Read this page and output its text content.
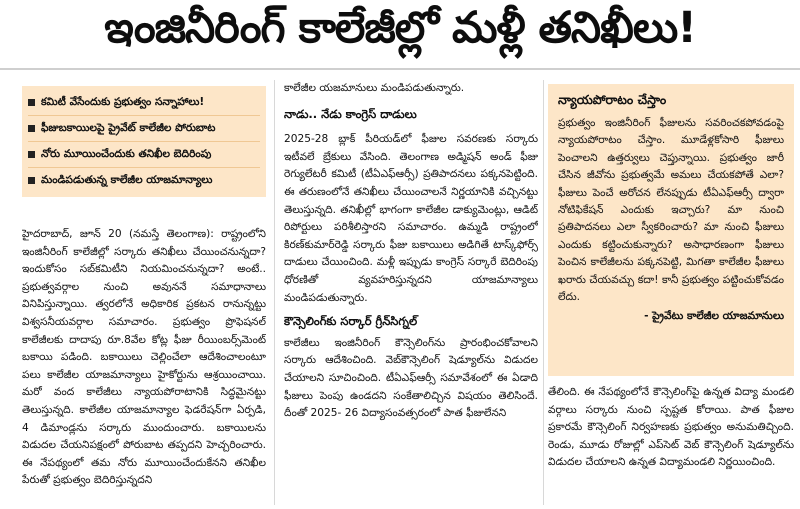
ఇంజినీరింగ్ కాలేజీల్లో మళ్లీ తనిఖీలు!
కమిటీ వేసేందుకు ప్రభుత్వం సన్నాహాలు!
ఫీజుబకాయిలపై ప్రైవేట్ కాలేజీల పోరుబాట
నోరు మూయించేందుకు తనిఖీల బెదిరింపు
మండిపడుతున్న కాలేజీల యాజమాన్యాలు

హైదరాబాద్, జూన్ 20 (నమస్తే తెలంగాణ): రాష్ట్రంలోని ఇంజినీరింగ్ కాలేజీల్లో సర్కారు తనిఖీలు చేయించనున్నదా? ఇందుకోసం సబ్‌కమిటీని నియమించనున్నదా? అంటే.. ప్రభుత్వవర్గాల నుంచి అవుననే సమాధానాలు వినిపిస్తున్నాయి. త్వరలోనే అధికారిక ప్రకటన రానున్నట్టు విశ్వసనీయవర్గాల సమాచారం. ప్రభుత్వం ప్రొఫెషనల్ కాలేజీలకు దాదాపు రూ.8వేల కోట్ల ఫీజు రీయింబర్స్‌మెంట్ బకాయి పడింది. బకాయిలు చెల్లించేలా ఆదేశించాలంటూ పలు కాలేజీల యాజమాన్యాలు హైకోర్టును ఆశ్రయించాయి. మరో వంద కాలేజీలు న్యాయపోరాటానికి సిద్ధమైనట్టు తెలుస్తున్నది. కాలేజీల యాజమాన్యాల ఫెడరేషన్‌గా ఏర్పడి, 4 డిమాండ్లను సర్కారు ముందుంచారు. బకాయిలను విడుదల చేయనిపక్షంలో పోరుబాట తప్పదని హెచ్చరించారు. ఈ నేపథ్యంలో తమ నోరు మూయించేందుకేనని తనిఖీల పేరుతో ప్రభుత్వం బెదిరిస్తున్నదని

కాలేజీల యజమానులు మండిపడుతున్నారు.

నాడు.. నేడు కాంగ్రెస్ దాడులు

2025-28 బ్లాక్ పీరియడ్‌లో ఫీజుల సవరణకు సర్కారు ఇటీవలే బ్రేకులు వేసింది. తెలంగాణ అడ్మిషన్ అండ్ ఫీజు రెగ్యులేటరీ కమిటీ (టీఏఎఫ్ఆర్సీ) ప్రతిపాదనలు పక్కనపెట్టింది. ఈ తరుణంలోనే తనిఖీలు చేయించాలనే నిర్ణయానికి వచ్చినట్టు తెలుస్తున్నది. తనిఖీల్లో భాగంగా కాలేజీల డాక్యుమెంట్లు, ఆడిట్ రిపోర్టులు పరిశీలిస్తారని సమాచారం. ఉమ్మడి రాష్ట్రంలో కిరణ్‌కుమార్‌రెడ్డి సర్కారు ఫీజు బకాయిలు అడిగితే టాస్క్‌ఫోర్స్ దాడులు చేయించింది. మళ్లీ ఇప్పుడు కాంగ్రెస్ సర్కారే బెదిరింపు ధోరణితో వ్యవహరిస్తున్నదని యాజమాన్యాలు మండిపడుతున్నారు.

కౌన్సెలింగ్‌కు సర్కార్ గ్రీన్‌సిగ్నల్

కాలేజీలు ఇంజినీరింగ్ కౌన్సెలింగ్‌ను ప్రారంభించకోవాలని సర్కారు ఆదేశించింది. వెబ్‌కౌన్సెలింగ్ షెడ్యూల్‌ను విడుదల చేయాలని సూచించింది. టీఏఎఫ్ఆర్సీ సమావేశంలో ఈ ఏడాది ఫీజులు పెంపు ఉండదని సంకేతాలిచ్చిన విషయం తెలిసిందే. దీంతో 2025- 26 విద్యాసంవత్సరంలో పాత ఫీజులేనని

న్యాయపోరాటం చేస్తాం
ప్రభుత్వం ఇంజినీరింగ్ ఫీజులను సవరించకపోవడంపై న్యాయపోరాటం చేస్తాం. మూడేళ్లకోసారి ఫీజులు పెంచాలని ఉత్తర్వులు చెప్తున్నాయి. ప్రభుత్వం జారీ చేసిన జీవోను ప్రభుత్వమే అమలు చేయకపోతే ఎలా? ఫీజులు పెంచే అరోచన లేనప్పుడు టీఏఎఫ్ఆర్సీ ద్వారా నోటిఫికేషన్ ఎందుకు ఇచ్చారు? మా నుంచి ప్రతిపాదనలు ఎలా స్వీకరించారు? మా నుంచి ఫీజులు ఎందుకు కట్టించుకున్నారు? అసాధారణంగా ఫీజులు పెంచిన కాలేజీలను పక్కనపెట్టి, మిగతా కాలేజీల ఫీజులు ఖరారు చేయవచ్చు కదా! కానీ ప్రభుత్వం పట్టించుకోవడం లేదు.
- ప్రైవేటు కాలేజీల యాజమానులు

తేలింది. ఈ నేపథ్యంలోనే కౌన్సెలింగ్‌పై ఉన్నత విద్యా మండలి వర్గాలు సర్కారు నుంచి స్పష్టత కోరాయి. పాత ఫీజుల ప్రకారమే కౌన్సెలింగ్ నిర్వహణకు ప్రభుత్వం అనుమతిచ్చింది. రెండు, మూడు రోజుల్లో ఎప్‌సెట్ వెబ్ కౌన్సెలింగ్ షెడ్యూల్‌ను విడుదల చేయాలని ఉన్నత విద్యామండలి నిర్ణయించింది.
